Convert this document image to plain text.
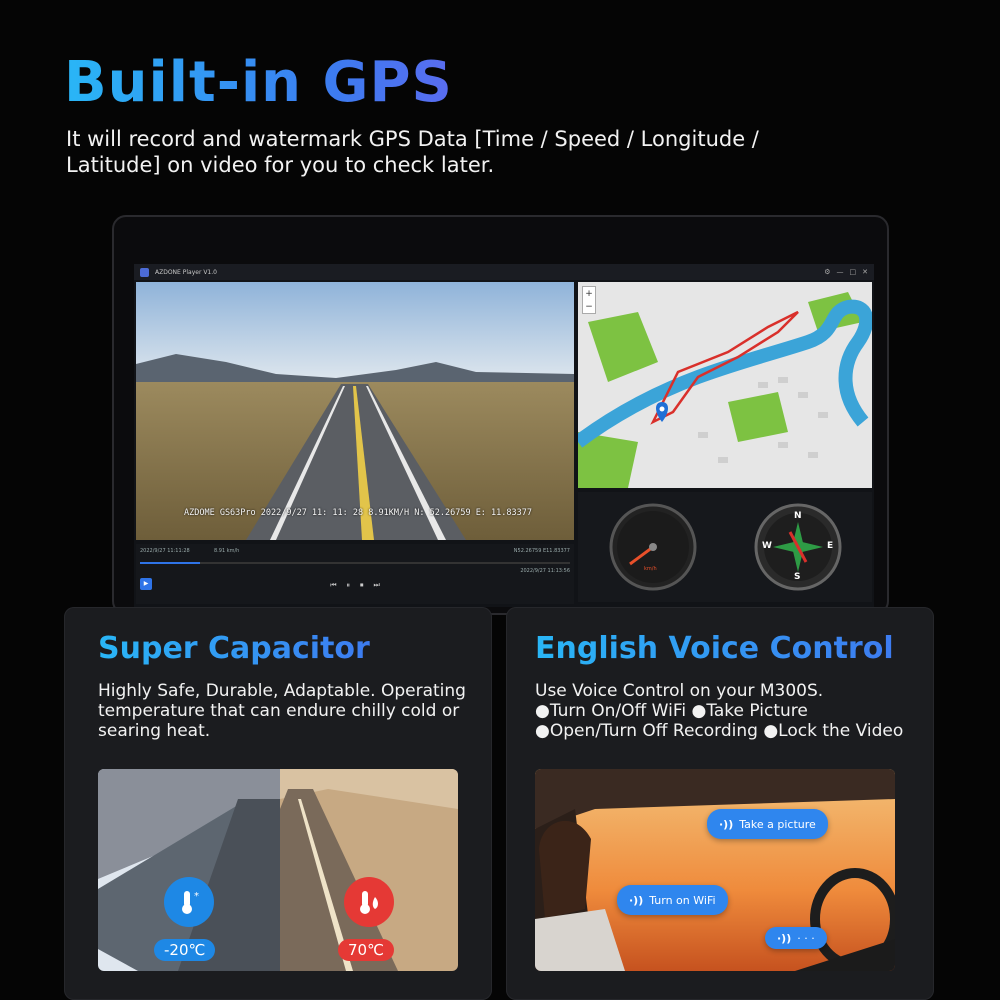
Built-in GPS
It will record and watermark GPS Data [Time / Speed / Longitude / Latitude] on video for you to check later.
AZDONE Player V1.0	⚙ — □ ✕
AZDOME GS63Pro 2022/9/27 11: 11: 28 8.91KM/H N: 52.26759 E: 11.83377
+
−
km/h
N
E
S
W
2022/9/27 11:11:28	8.91 km/h	N52.26759 E11.83377
2022/9/27 11:13:56
▶	⏮ ⏸ ⏹ ⏭
Super Capacitor
Highly Safe, Durable, Adaptable. Operating temperature that can endure chilly cold or searing heat.
*
-20℃	70℃
English Voice Control
Use Voice Control on your M300S.
●Turn On/Off WiFi ●Take Picture
●Open/Turn Off Recording ●Lock the Video
·)) Take a picture
·)) Turn on WiFi
·)) · · ·
